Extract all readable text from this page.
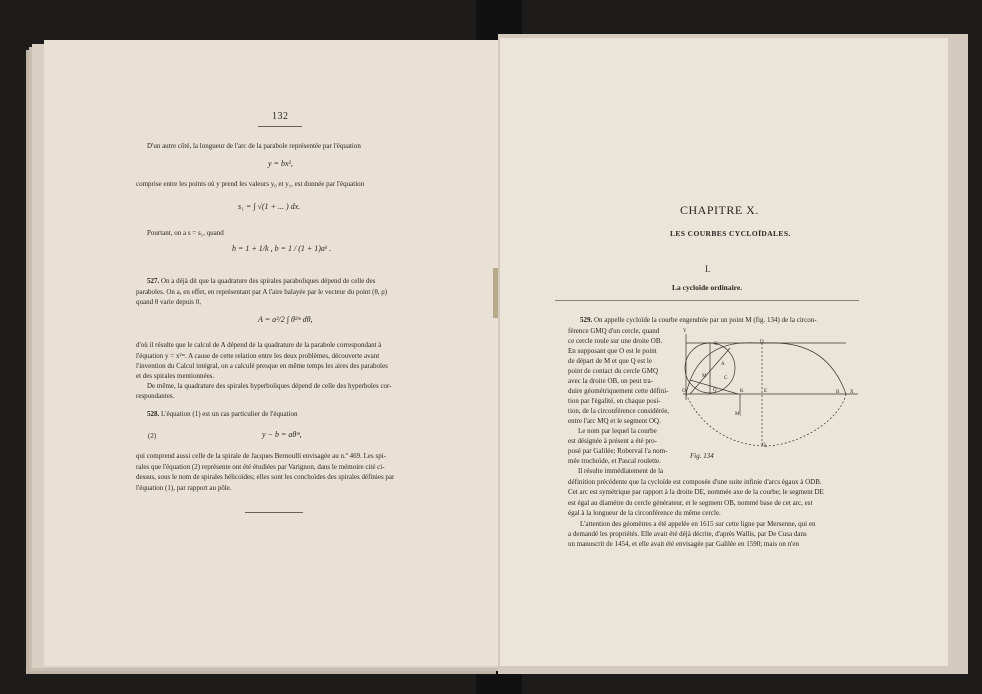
132
D'un autre côté, la longueur de l'arc de la parabole représentée par l'équation
y = bx²,
comprise entre les points où y prend les valeurs y₀ et y₁, est donnée par l'équation
s₁ = ∫ √(1 + ... ) dx.
Pourtant, on a s = s₁, quand
h = 1 + 1/k , b = 1 / (1 + 1)aᵏ .
527. On a déjà dit que la quadrature des spirales paraboliques dépend de celle des
paraboles. On a, en effet, en représentant par A l'aire balayée par le vecteur du point (θ, ρ)
quand θ varie depuis 0,
A = a²/2 ∫ θ²ᵐ dθ,
d'où il résulte que le calcul de A dépend de la quadrature de la parabole correspondant à
l'équation y = x²ᵐ. A cause de cette relation entre les deux problèmes, découverte avant
l'invention du Calcul intégral, on a calculé presque en même temps les aires des paraboles
et des spirales mentionnées.
De même, la quadrature des spirales hyperboliques dépend de celle des hyperboles cor-
respondantes.
528. L'équation (1) est un cas particulier de l'équation
(2)	y − b = aθᵐ,
qui comprend aussi celle de la spirale de Jacques Bernoulli envisagée au n.º 469. Les spi-
rales que l'équation (2) représente ont été étudiées par Varignon, dans le mémoire cité ci-
dessus, sous le nom de spirales hélicoïdes; elles sont les conchoïdes des spirales définies par
l'équation (1), par rapport au pôle.
CHAPITRE X.
LES COURBES CYCLOÏDALES.
I.
La cycloïde ordinaire.
529. On appelle cycloïde la courbe engendrée par un point M (fig. 134) de la circon-
férence GMQ d'un cercle, quand
ce cercle roule sur une droite OB.
En supposant que O est le point
de départ de M et que Q est le
point de contact du cercle GMQ
avec la droite OB, on peut tra-
duire géométriquement cette défini-
tion par l'égalité, en chaque posi-
tion, de la circonférence considérée,
entre l'arc MQ et le segment OQ.
Le nom par lequel la courbe
est désignée à présent a été pro-
posé par Galilée; Roberval l'a nom-
mée trochoïde, et Pascal roulette.
Il résulte immédiatement de la
définition précédente que la cycloïde est composée d'une suite infinie d'arcs égaux à ODB.
Cet arc est symétrique par rapport à la droite DE, nommée axe de la courbe; le segment DE
est égal au diamètre du cercle générateur, et le segment OB, nommé base de cet arc, est
égal à la longueur de la circonférence du même cercle.
L'attention des géomètres a été appelée en 1615 sur cette ligne par Mersenne, qui en
a demandé les propriétés. Elle avait été déjà décrite, d'après Wallis, par De Cusa dans
un manuscrit de 1454, et elle avait été envisagée par Galilée en 1590; mais on n'en
Fig. 134
Y
D
G
M
Q	E	B X
O
A
C
K
M₁
Q₁
